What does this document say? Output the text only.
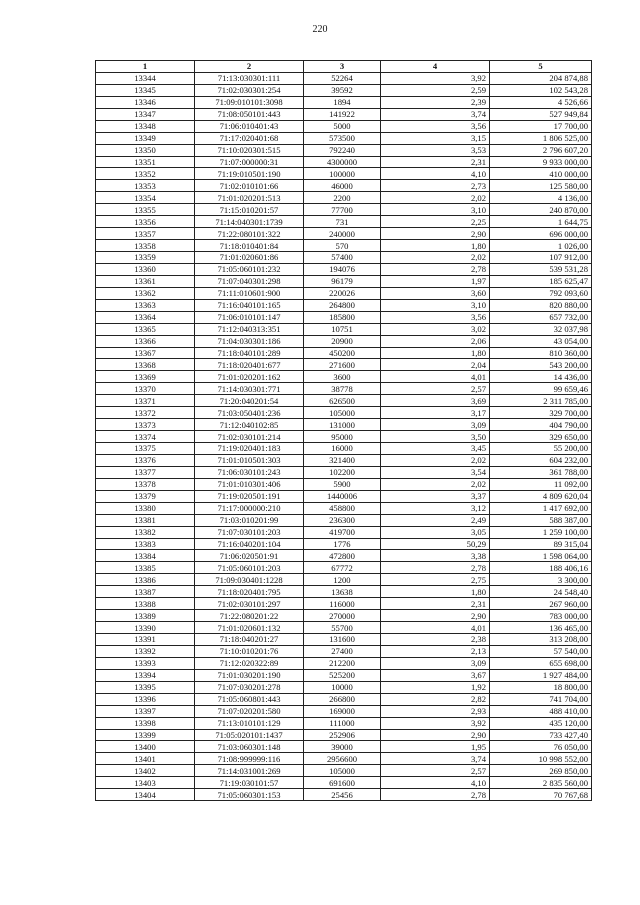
220
1	2	3	4	5
13344	71:13:030301:111	52264	3,92	204 874,88
13345	71:02:030301:254	39592	2,59	102 543,28
13346	71:09:010101:3098	1894	2,39	4 526,66
13347	71:08:050101:443	141922	3,74	527 949,84
13348	71:06:010401:43	5000	3,56	17 700,00
13349	71:17:020401:68	573500	3,15	1 806 525,00
13350	71:10:020301:515	792240	3,53	2 796 607,20
13351	71:07:000000:31	4300000	2,31	9 933 000,00
13352	71:19:010501:190	100000	4,10	410 000,00
13353	71:02:010101:66	46000	2,73	125 580,00
13354	71:01:020201:513	2200	2,02	4 136,00
13355	71:15:010201:57	77700	3,10	240 870,00
13356	71:14:040301:1739	731	2,25	1 644,75
13357	71:22:080101:322	240000	2,90	696 000,00
13358	71:18:010401:84	570	1,80	1 026,00
13359	71:01:020601:86	57400	2,02	107 912,00
13360	71:05:060101:232	194076	2,78	539 531,28
13361	71:07:040301:298	96179	1,97	185 625,47
13362	71:11:010601:900	220026	3,60	792 093,60
13363	71:16:040101:165	264800	3,10	820 880,00
13364	71:06:010101:147	185800	3,56	657 732,00
13365	71:12:040313:351	10751	3,02	32 037,98
13366	71:04:030301:186	20900	2,06	43 054,00
13367	71:18:040101:289	450200	1,80	810 360,00
13368	71:18:020401:677	271600	2,04	543 200,00
13369	71:01:020201:162	3600	4,01	14 436,00
13370	71:14:030301:771	38778	2,57	99 659,46
13371	71:20:040201:54	626500	3,69	2 311 785,00
13372	71:03:050401:236	105000	3,17	329 700,00
13373	71:12:040102:85	131000	3,09	404 790,00
13374	71:02:030101:214	95000	3,50	329 650,00
13375	71:19:020401:183	16000	3,45	55 200,00
13376	71:01:010501:303	321400	2,02	604 232,00
13377	71:06:030101:243	102200	3,54	361 788,00
13378	71:01:010301:406	5900	2,02	11 092,00
13379	71:19:020501:191	1440006	3,37	4 809 620,04
13380	71:17:000000:210	458800	3,12	1 417 692,00
13381	71:03:010201:99	236300	2,49	588 387,00
13382	71:07:030101:203	419700	3,05	1 259 100,00
13383	71:16:040201:104	1776	50,29	89 315,04
13384	71:06:020501:91	472800	3,38	1 598 064,00
13385	71:05:060101:203	67772	2,78	188 406,16
13386	71:09:030401:1228	1200	2,75	3 300,00
13387	71:18:020401:795	13638	1,80	24 548,40
13388	71:02:030101:297	116000	2,31	267 960,00
13389	71:22:080201:22	270000	2,90	783 000,00
13390	71:01:020601:132	55700	4,01	136 465,00
13391	71:18:040201:27	131600	2,38	313 208,00
13392	71:10:010201:76	27400	2,13	57 540,00
13393	71:12:020322:89	212200	3,09	655 698,00
13394	71:01:030201:190	525200	3,67	1 927 484,00
13395	71:07:030201:278	10000	1,92	18 800,00
13396	71:05:060801:443	266800	2,82	741 704,00
13397	71:07:020201:580	169000	2,93	488 410,00
13398	71:13:010101:129	111000	3,92	435 120,00
13399	71:05:020101:1437	252906	2,90	733 427,40
13400	71:03:060301:148	39000	1,95	76 050,00
13401	71:08:999999:116	2956600	3,74	10 998 552,00
13402	71:14:031001:269	105000	2,57	269 850,00
13403	71:19:030101:57	691600	4,10	2 835 560,00
13404	71:05:060301:153	25456	2,78	70 767,68
